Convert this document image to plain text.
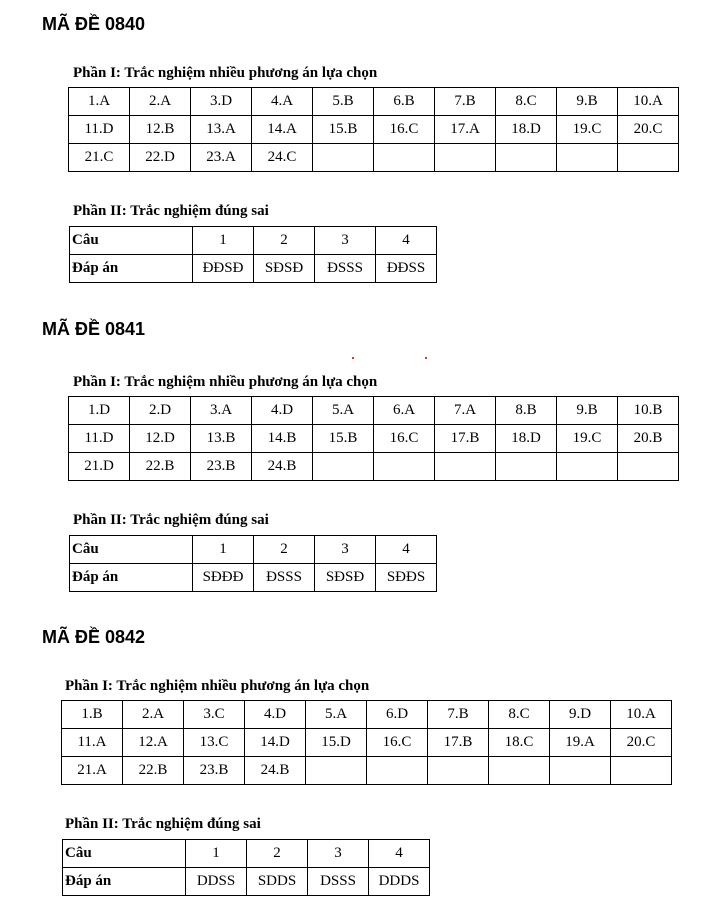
MÃ ĐỀ 0840
Phần I: Trắc nghiệm nhiều phương án lựa chọn
1.A	2.A	3.D	4.A	5.B	6.B	7.B	8.C	9.B	10.A
11.D	12.B	13.A	14.A	15.B	16.C	17.A	18.D	19.C	20.C
21.C	22.D	23.A	24.C						
Phần II: Trắc nghiệm đúng sai
Câu	1	2	3	4
Đáp án	ĐĐSĐ	SĐSĐ	ĐSSS	ĐĐSS
MÃ ĐỀ 0841
Phần I: Trắc nghiệm nhiều phương án lựa chọn
1.D	2.D	3.A	4.D	5.A	6.A	7.A	8.B	9.B	10.B
11.D	12.D	13.B	14.B	15.B	16.C	17.B	18.D	19.C	20.B
21.D	22.B	23.B	24.B						
Phần II: Trắc nghiệm đúng sai
Câu	1	2	3	4
Đáp án	SĐĐĐ	ĐSSS	SĐSĐ	SĐĐS
MÃ ĐỀ 0842
Phần I: Trắc nghiệm nhiều phương án lựa chọn
1.B	2.A	3.C	4.D	5.A	6.D	7.B	8.C	9.D	10.A
11.A	12.A	13.C	14.D	15.D	16.C	17.B	18.C	19.A	20.C
21.A	22.B	23.B	24.B						
Phần II: Trắc nghiệm đúng sai
Câu	1	2	3	4
Đáp án	DDSS	SDDS	DSSS	DDDS
